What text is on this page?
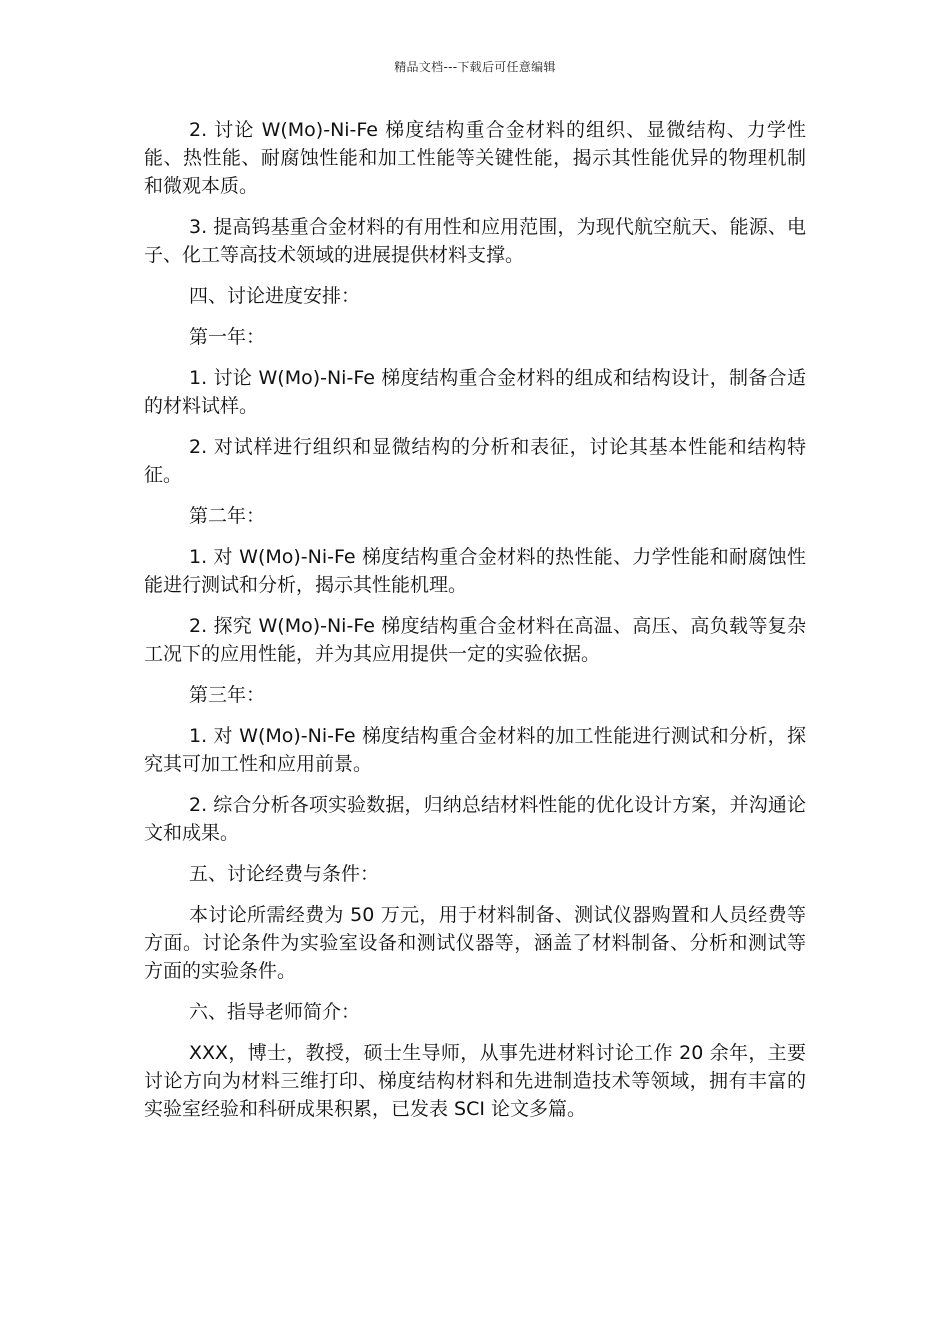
精品文档---下载后可任意编辑

2. 讨论 W(Mo)-Ni-Fe 梯度结构重合金材料的组织、显微结构、力学性能、热性能、耐腐蚀性能和加工性能等关键性能，揭示其性能优异的物理机制和微观本质。

3. 提高钨基重合金材料的有用性和应用范围，为现代航空航天、能源、电子、化工等高技术领域的进展提供材料支撑。

四、讨论进度安排：

第一年：

1. 讨论 W(Mo)-Ni-Fe 梯度结构重合金材料的组成和结构设计，制备合适的材料试样。

2. 对试样进行组织和显微结构的分析和表征，讨论其基本性能和结构特征。

第二年：

1. 对 W(Mo)-Ni-Fe 梯度结构重合金材料的热性能、力学性能和耐腐蚀性能进行测试和分析，揭示其性能机理。

2. 探究 W(Mo)-Ni-Fe 梯度结构重合金材料在高温、高压、高负载等复杂工况下的应用性能，并为其应用提供一定的实验依据。

第三年：

1. 对 W(Mo)-Ni-Fe 梯度结构重合金材料的加工性能进行测试和分析，探究其可加工性和应用前景。

2. 综合分析各项实验数据，归纳总结材料性能的优化设计方案，并沟通论文和成果。

五、讨论经费与条件：

本讨论所需经费为 50 万元，用于材料制备、测试仪器购置和人员经费等方面。讨论条件为实验室设备和测试仪器等，涵盖了材料制备、分析和测试等方面的实验条件。

六、指导老师简介：

XXX，博士，教授，硕士生导师，从事先进材料讨论工作 20 余年，主要讨论方向为材料三维打印、梯度结构材料和先进制造技术等领域，拥有丰富的实验室经验和科研成果积累，已发表 SCI 论文多篇。
